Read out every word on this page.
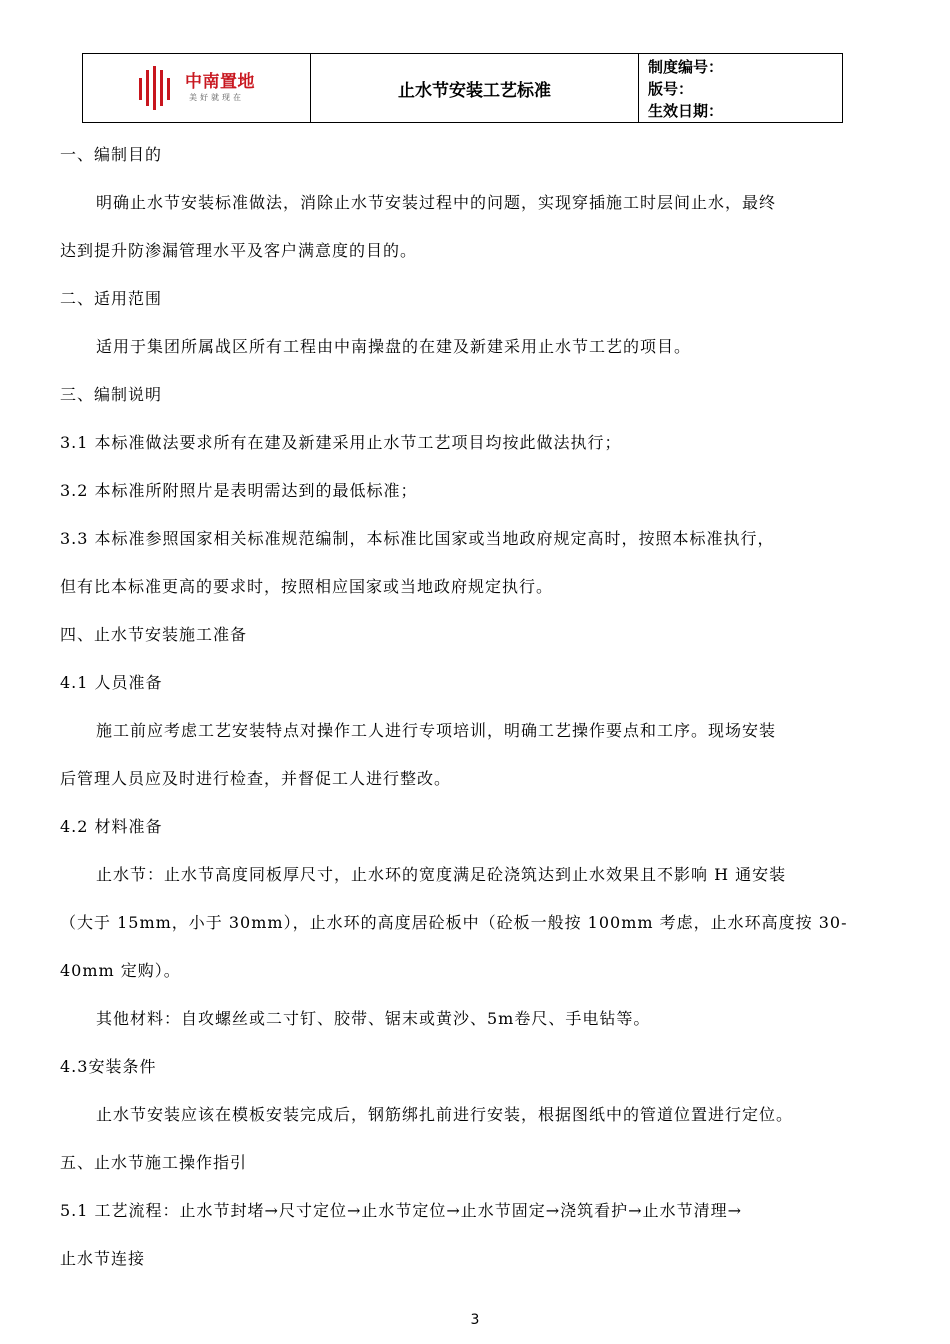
中南置地
美好就现在	止水节安装工艺标准
制度编号：
版号：
生效日期：
一、编制目的
明确止水节安装标准做法，消除止水节安装过程中的问题，实现穿插施工时层间止水，最终
达到提升防渗漏管理水平及客户满意度的目的。
二、适用范围
适用于集团所属战区所有工程由中南操盘的在建及新建采用止水节工艺的项目。
三、编制说明
3.1 本标准做法要求所有在建及新建采用止水节工艺项目均按此做法执行；
3.2 本标准所附照片是表明需达到的最低标准；
3.3 本标准参照国家相关标准规范编制，本标准比国家或当地政府规定高时，按照本标准执行，
但有比本标准更高的要求时，按照相应国家或当地政府规定执行。
四、止水节安装施工准备
4.1 人员准备
施工前应考虑工艺安装特点对操作工人进行专项培训，明确工艺操作要点和工序。现场安装
后管理人员应及时进行检查，并督促工人进行整改。
4.2 材料准备
止水节：止水节高度同板厚尺寸，止水环的宽度满足砼浇筑达到止水效果且不影响 H 通安装
（大于 15mm，小于 30mm），止水环的高度居砼板中（砼板一般按 100mm 考虑，止水环高度按 30-
40mm 定购）。
其他材料：自攻螺丝或二寸钉、胶带、锯末或黄沙、5m卷尺、手电钻等。
4.3安装条件
止水节安装应该在模板安装完成后，钢筋绑扎前进行安装，根据图纸中的管道位置进行定位。
五、止水节施工操作指引
5.1 工艺流程：止水节封堵→尺寸定位→止水节定位→止水节固定→浇筑看护→止水节清理→
止水节连接
3
